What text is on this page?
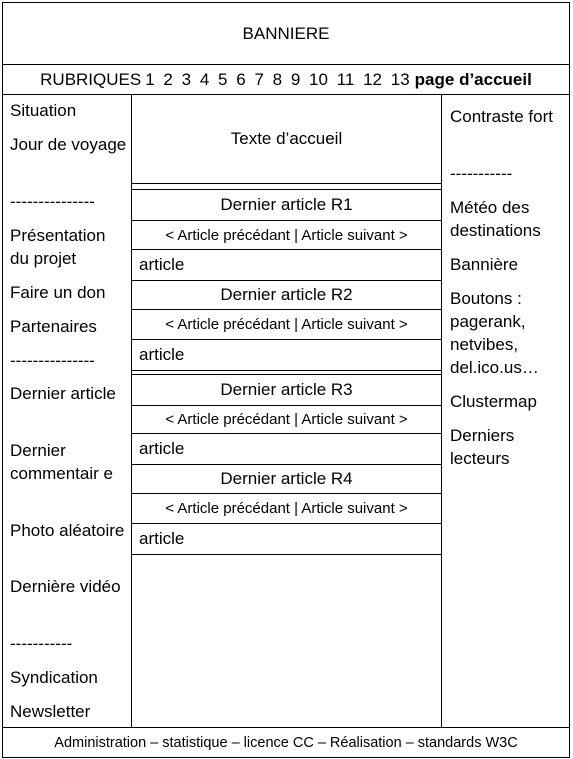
BANNIERE
RUBRIQUES 1 2 3 4 5 6 7 8 9 10 11 12 13 page d’accueil

Situation

Jour de voyage

---------------

Présentation du projet

Faire un don

Partenaires

---------------

Dernier article

Dernier commentair e

Photo aléatoire

Dernière vidéo

-----------

Syndication

Newsletter

Texte d’accueil
Dernier article R1
< Article précédant | Article suivant >
article
Dernier article R2
< Article précédant | Article suivant >
article
Dernier article R3
< Article précédant | Article suivant >
article
Dernier article R4
< Article précédant | Article suivant >
article

Contraste fort

-----------

Météo des destinations

Bannière

Boutons : pagerank, netvibes, del.ico.us…

Clustermap

Derniers lecteurs

Administration – statistique – licence CC – Réalisation – standards W3C
